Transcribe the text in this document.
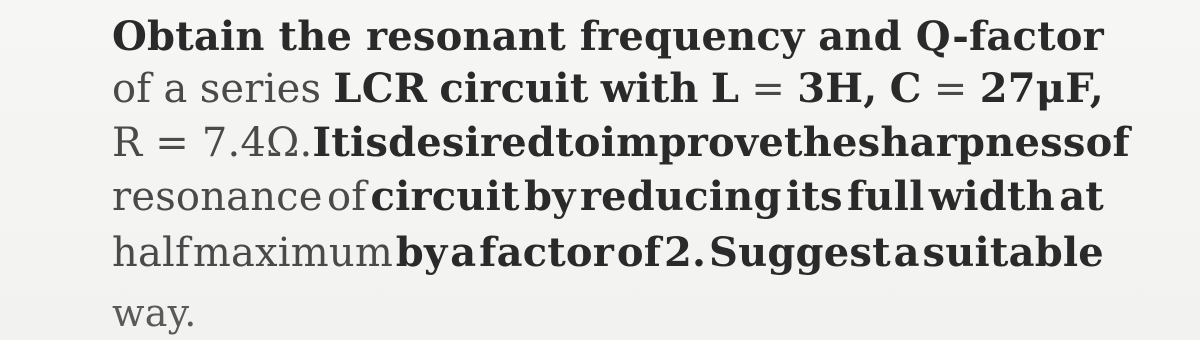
Obtain the resonant frequency and Q-factor
of a series LCR circuit with L = 3H, C = 27μF,
R = 7.4Ω. It is desired to improve the sharpness of
resonance of circuit by reducing its full width at
half maximum by a factor of 2. Suggest a suitable
way.
